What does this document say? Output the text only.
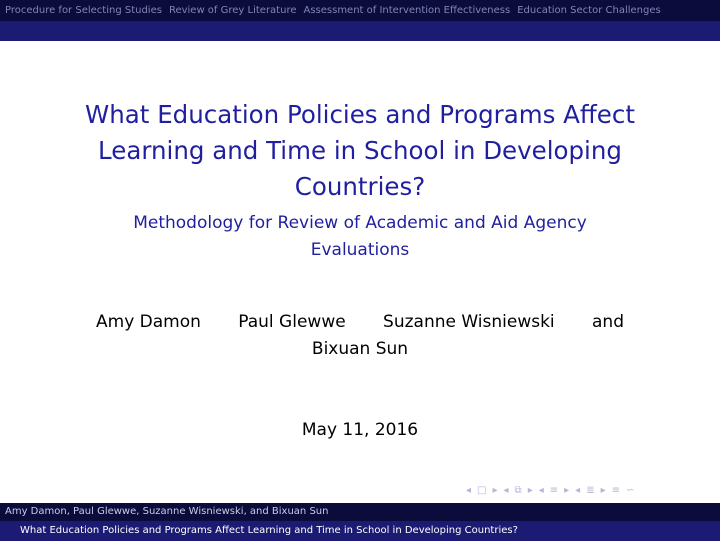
Procedure for Selecting Studies Review of Grey Literature Assessment of Intervention Effectiveness Education Sector Challenges
What Education Policies and Programs Affect Learning and Time in School in Developing Countries?
Methodology for Review of Academic and Aid Agency Evaluations
Amy Damon Paul Glewwe Suzanne Wisniewski and
Bixuan Sun
May 11, 2016
◂ □ ▸ ◂ ⧉ ▸ ◂ ≡ ▸ ◂ ≣ ▸ ≡ ∽
Amy Damon, Paul Glewwe, Suzanne Wisniewski, and Bixuan Sun
What Education Policies and Programs Affect Learning and Time in School in Developing Countries?
